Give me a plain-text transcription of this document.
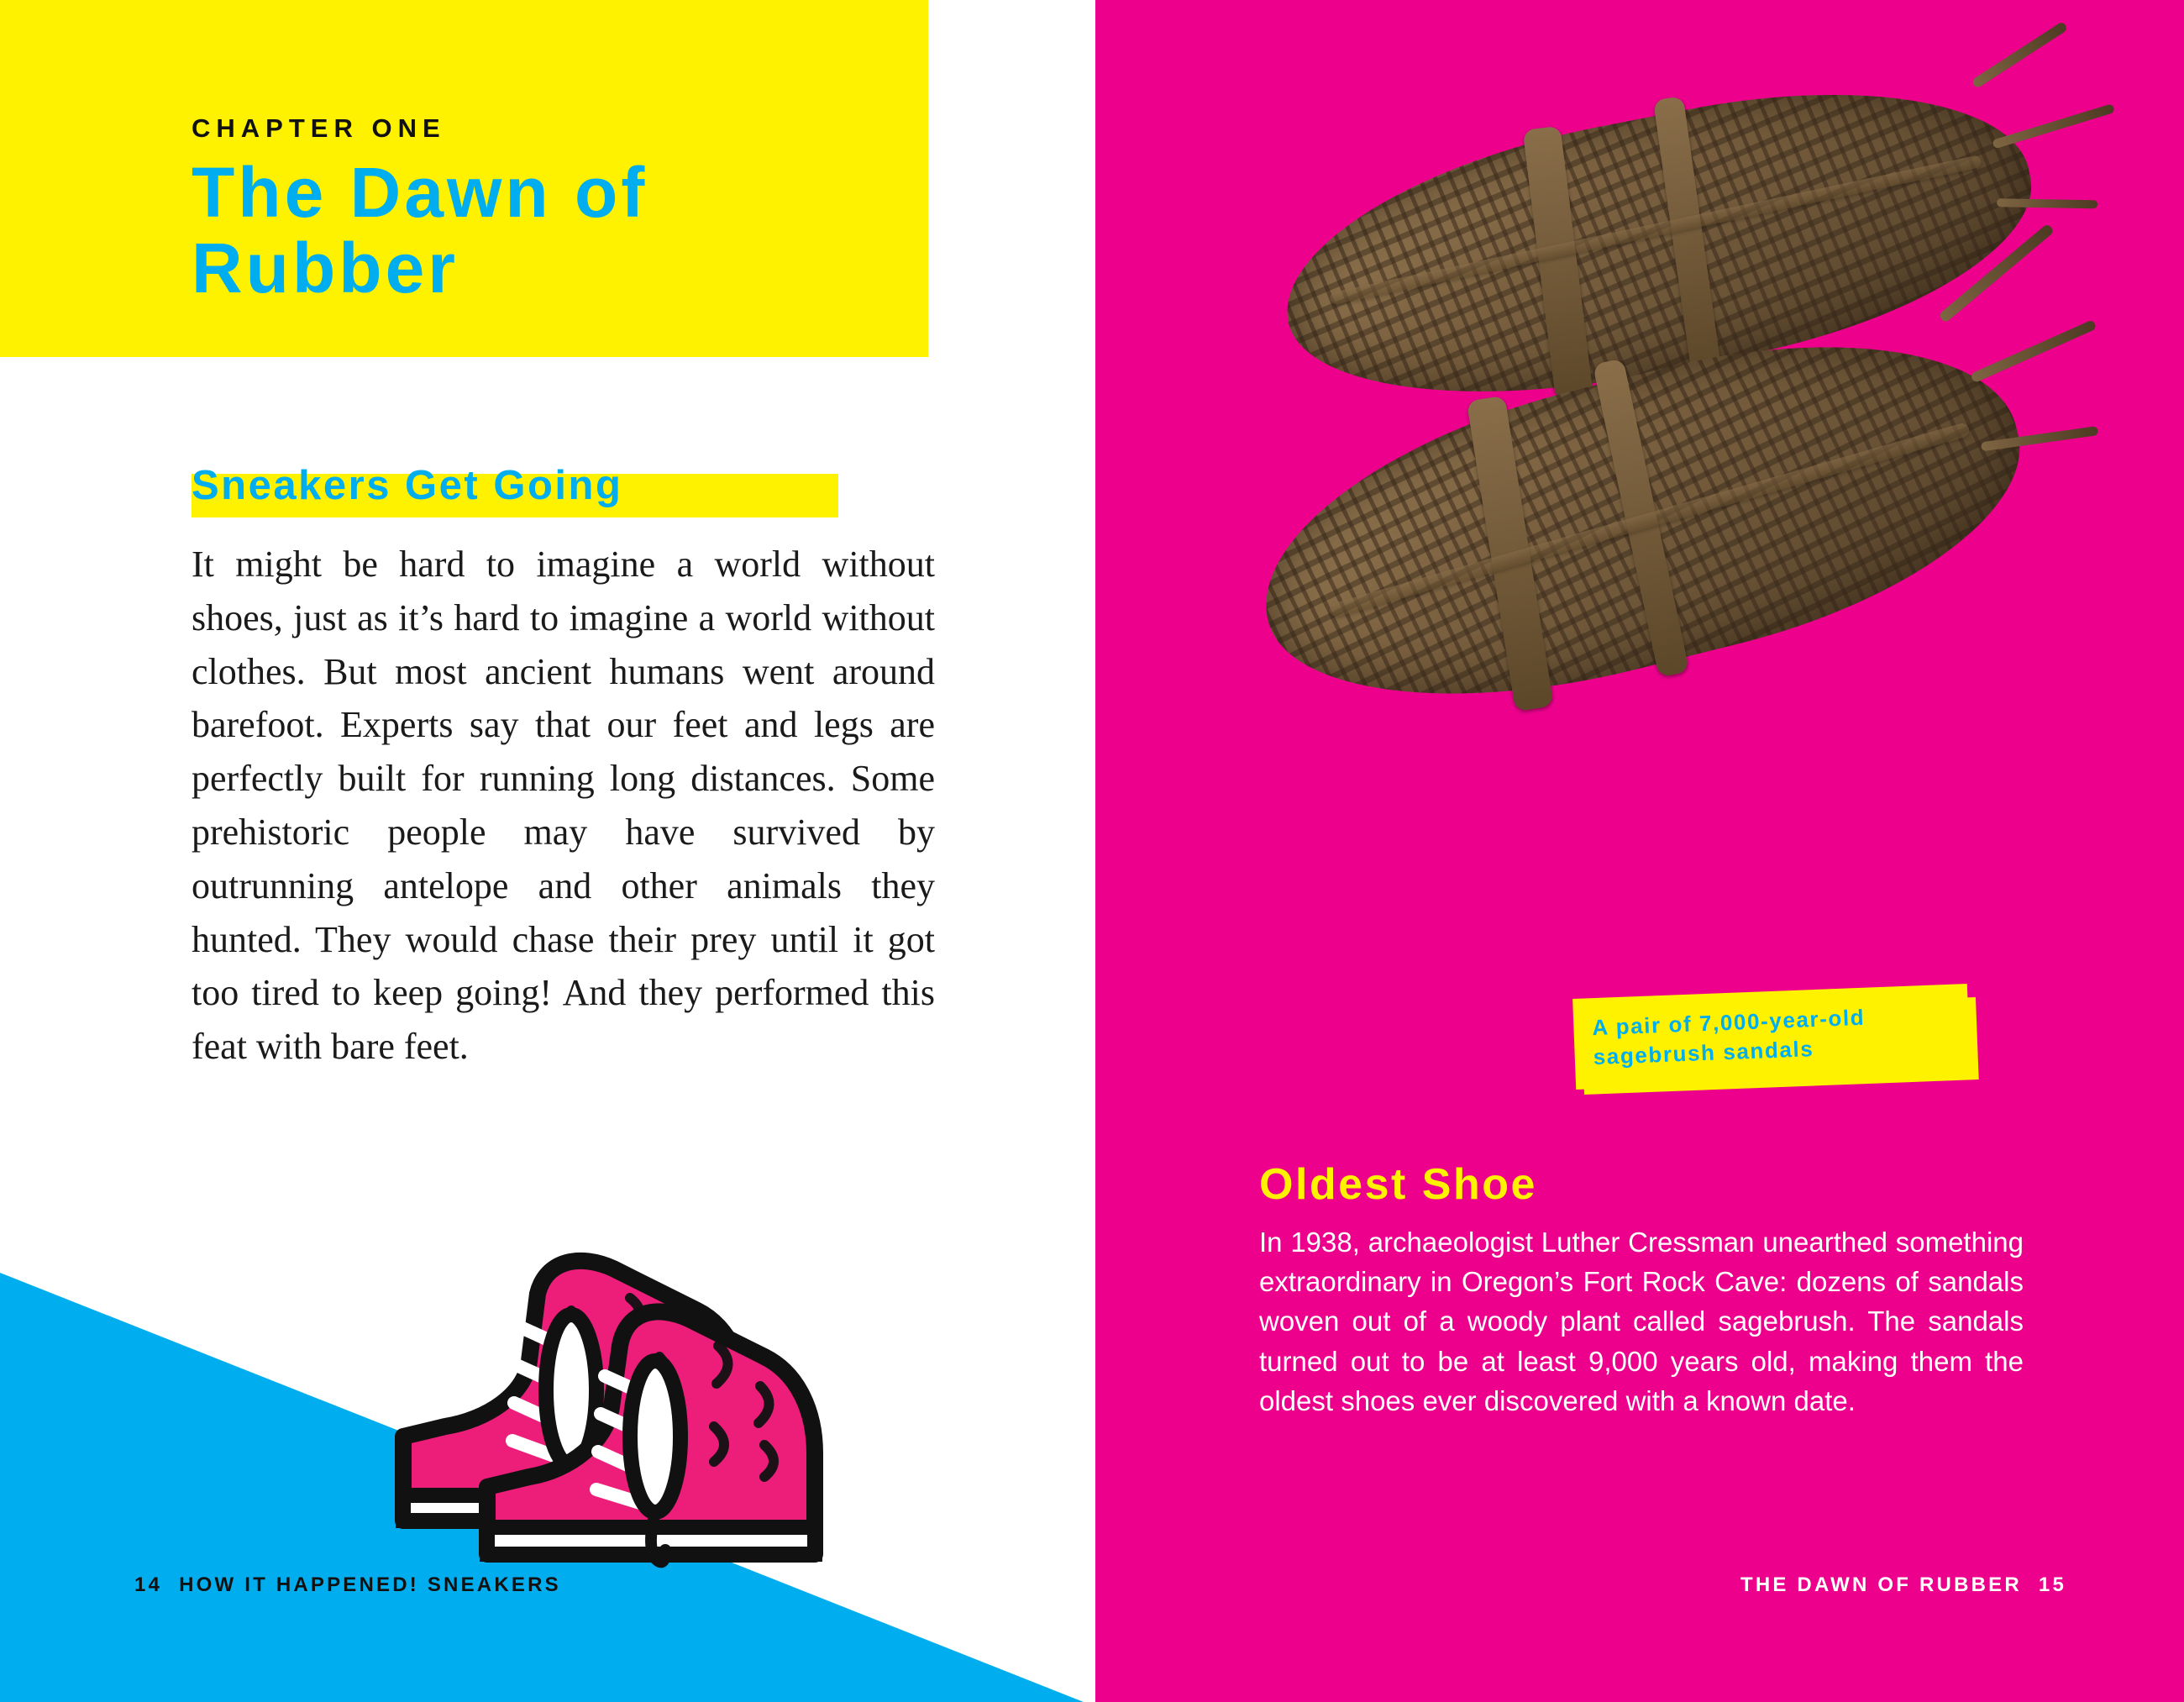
CHAPTER ONE
The Dawn of Rubber
Sneakers Get Going
It might be hard to imagine a world without shoes, just as it’s hard to imagine a world without clothes. But most ancient humans went around barefoot. Experts say that our feet and legs are perfectly built for running long distances. Some prehistoric people may have survived by outrunning antelope and other animals they hunted. They would chase their prey until it got too tired to keep going! And they performed this feat with bare feet.
14 HOW IT HAPPENED! SNEAKERS
A pair of 7,000-year-old sagebrush sandals
Oldest Shoe
In 1938, archaeologist Luther Cressman unearthed something extraordinary in Oregon’s Fort Rock Cave: dozens of sandals woven out of a woody plant called sagebrush. The sandals turned out to be at least 9,000 years old, making them the oldest shoes ever discovered with a known date.
THE DAWN OF RUBBER 15
